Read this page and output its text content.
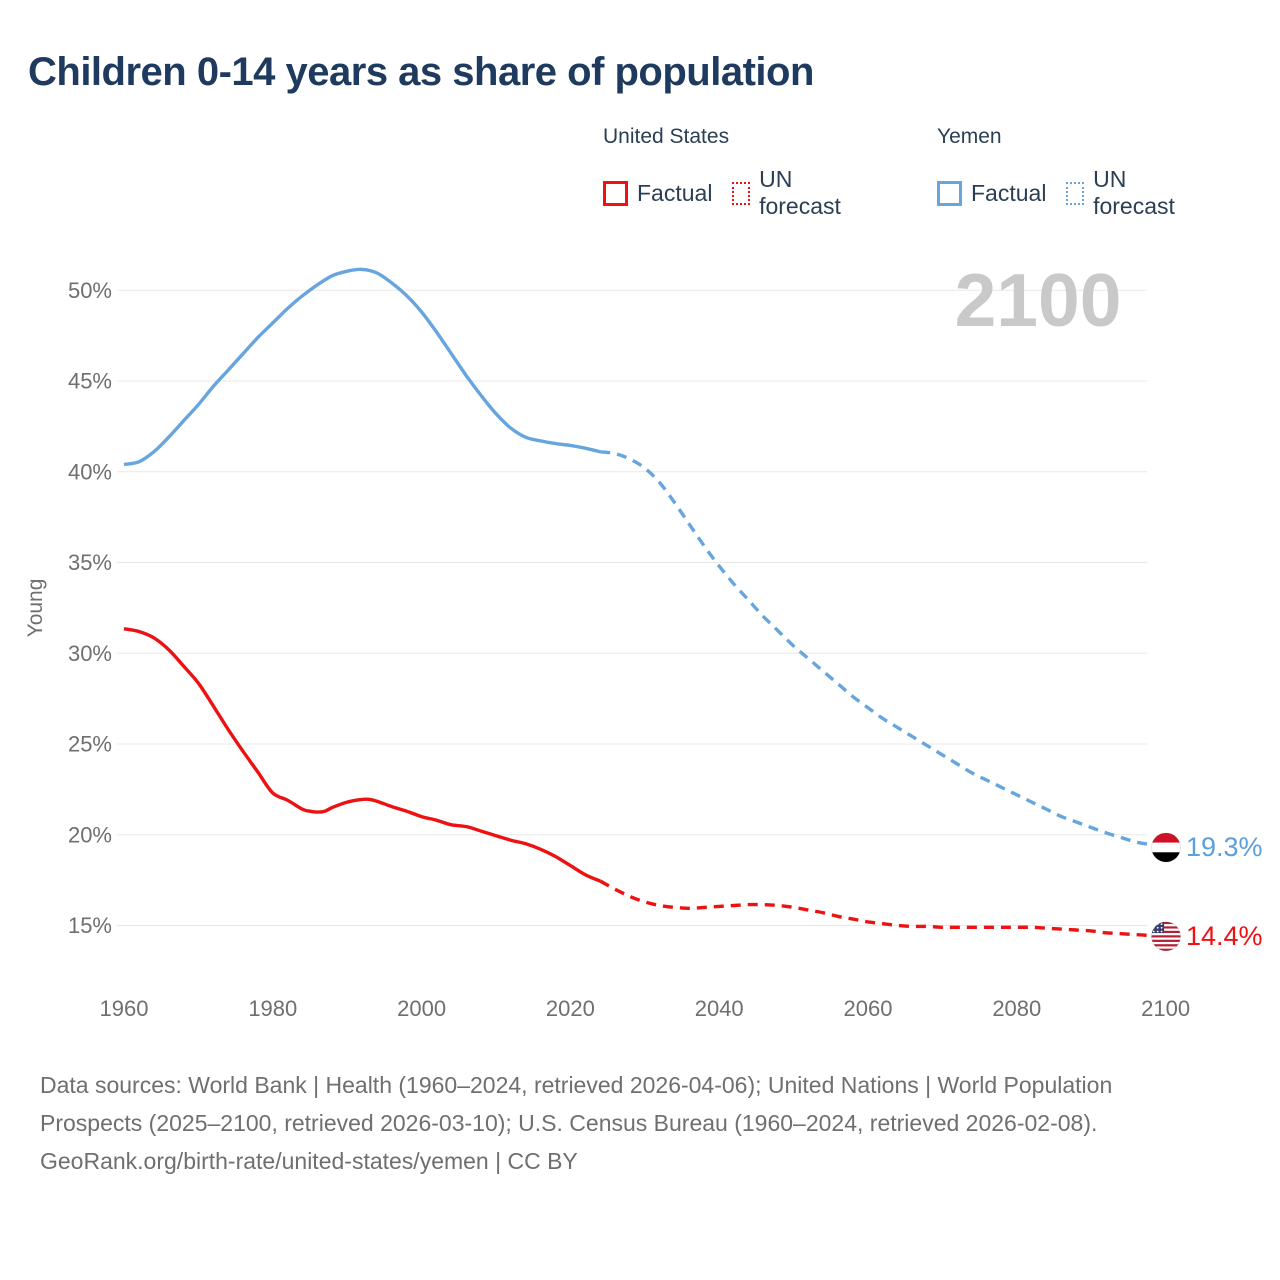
Children 0-14 years as share of population
United States
Factual
UN forecast
Yemen
Factual
UN forecast
15%
20%
25%
30%
35%
40%
45%
50%	2100
1960	1980	2000	2020	2040	2060	2080	2100
Young
19.3%
14.4%

Data sources: World Bank | Health (1960–2024, retrieved 2026-04-06); United Nations | World Population Prospects (2025–2100, retrieved 2026-03-10); U.S. Census Bureau (1960–2024, retrieved 2026-02-08).

GeoRank.org/birth-rate/united-states/yemen | CC BY
